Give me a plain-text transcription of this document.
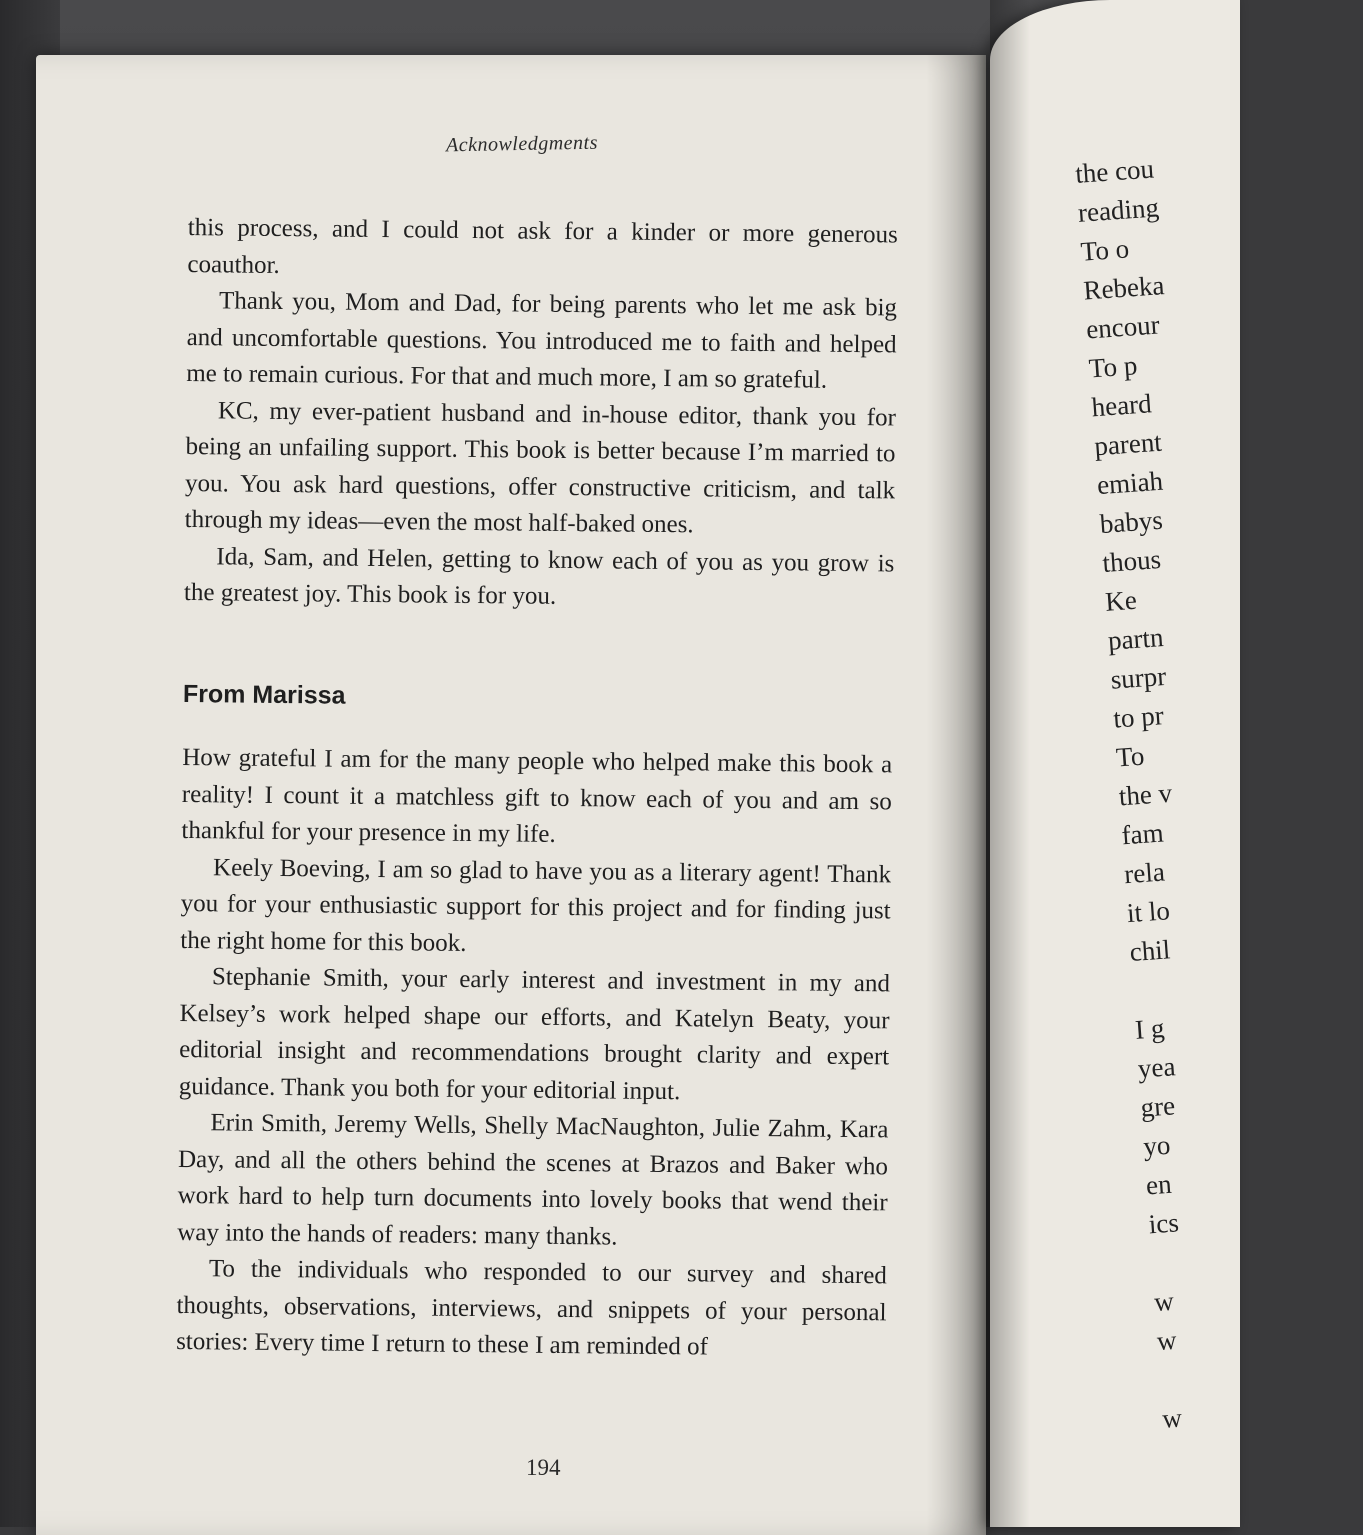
Acknowledgments

this process, and I could not ask for a kinder or more generous coauthor.

Thank you, Mom and Dad, for being parents who let me ask big and uncomfortable questions. You introduced me to faith and helped me to remain curious. For that and much more, I am so grateful.

KC, my ever-patient husband and in-house editor, thank you for being an unfailing support. This book is better because I’m married to you. You ask hard questions, offer constructive criticism, and talk through my ideas—even the most half-baked ones.

Ida, Sam, and Helen, getting to know each of you as you grow is the greatest joy. This book is for you.

From Marissa

How grateful I am for the many people who helped make this book a reality! I count it a matchless gift to know each of you and am so thankful for your presence in my life.

Keely Boeving, I am so glad to have you as a literary agent! Thank you for your enthusiastic support for this project and for finding just the right home for this book.

Stephanie Smith, your early interest and investment in my and Kelsey’s work helped shape our efforts, and Katelyn Beaty, your editorial insight and recommendations brought clarity and expert guidance. Thank you both for your editorial input.

Erin Smith, Jeremy Wells, Shelly MacNaughton, Julie Zahm, Kara Day, and all the others behind the scenes at Brazos and Baker who work hard to help turn documents into lovely books that wend their way into the hands of readers: many thanks.

To the individuals who responded to our survey and shared thoughts, observations, interviews, and snippets of your personal stories: Every time I return to these I am reminded of

194
the cou
reading
To o
Rebeka
encour
To p
heard
parent
emiah
babys
thous
Ke
partn
surpr
to pr
To
the v
fam
rela
it lo
chil
I g
yea
gre
yo
en
ics
w
w
w
